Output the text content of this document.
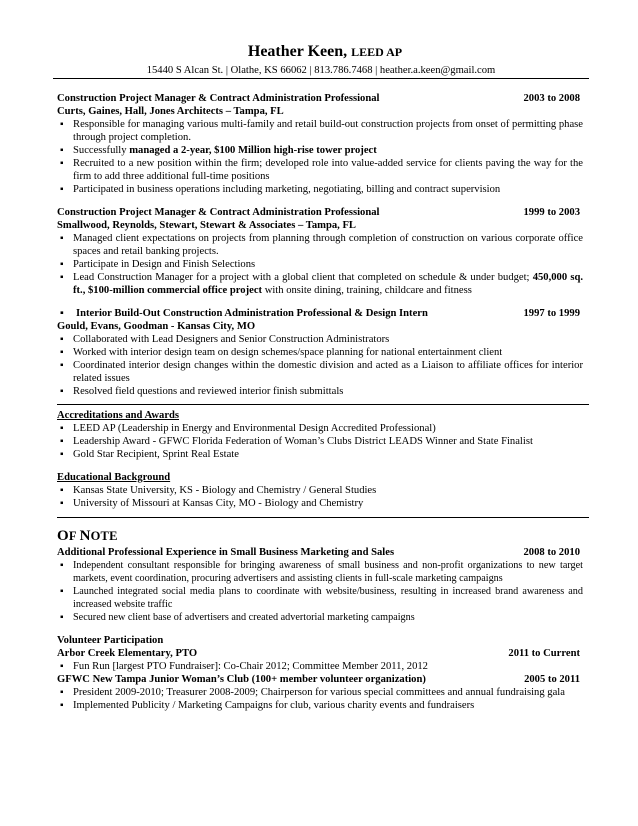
Heather Keen, LEED AP
15440 S Alcan St. | Olathe, KS 66062 | 813.786.7468 | heather.a.keen@gmail.com
Construction Project Manager & Contract Administration Professional	2003 to 2008
Curts, Gaines, Hall, Jones Architects – Tampa, FL
▪ Responsible for managing various multi-family and retail build-out construction projects from onset of permitting phase through project completion.
▪ Successfully managed a 2-year, $100 Million high-rise tower project
▪ Recruited to a new position within the firm; developed role into value-added service for clients paving the way for the firm to add three additional full-time positions
▪ Participated in business operations including marketing, negotiating, billing and contract supervision
Construction Project Manager & Contract Administration Professional	1999 to 2003
Smallwood, Reynolds, Stewart, Stewart & Associates – Tampa, FL
▪ Managed client expectations on projects from planning through completion of construction on various corporate office spaces and retail banking projects.
▪ Participate in Design and Finish Selections
▪ Lead Construction Manager for a project with a global client that completed on schedule & under budget; 450,000 sq. ft., $100-million commercial office project with onsite dining, training, childcare and fitness
▪ Interior Build-Out Construction Administration Professional & Design Intern	1997 to 1999
Gould, Evans, Goodman - Kansas City, MO
▪ Collaborated with Lead Designers and Senior Construction Administrators
▪ Worked with interior design team on design schemes/space planning for national entertainment client
▪ Coordinated interior design changes within the domestic division and acted as a Liaison to affiliate offices for interior related issues
▪ Resolved field questions and reviewed interior finish submittals
Accreditations and Awards
▪ LEED AP (Leadership in Energy and Environmental Design Accredited Professional)
▪ Leadership Award - GFWC Florida Federation of Woman’s Clubs District LEADS Winner and State Finalist
▪ Gold Star Recipient, Sprint Real Estate
Educational Background
▪ Kansas State University, KS - Biology and Chemistry / General Studies
▪ University of Missouri at Kansas City, MO - Biology and Chemistry
OF NOTE
Additional Professional Experience in Small Business Marketing and Sales	2008 to 2010
▪ Independent consultant responsible for bringing awareness of small business and non-profit organizations to new target markets, event coordination, procuring advertisers and assisting clients in full-scale marketing campaigns
▪ Launched integrated social media plans to coordinate with website/business, resulting in increased brand awareness and increased website traffic
▪ Secured new client base of advertisers and created advertorial marketing campaigns
Volunteer Participation
Arbor Creek Elementary, PTO	2011 to Current
▪ Fun Run [largest PTO Fundraiser]: Co-Chair 2012; Committee Member 2011, 2012
GFWC New Tampa Junior Woman’s Club (100+ member volunteer organization)	2005 to 2011
▪ President 2009-2010; Treasurer 2008-2009; Chairperson for various special committees and annual fundraising gala
▪ Implemented Publicity / Marketing Campaigns for club, various charity events and fundraisers
